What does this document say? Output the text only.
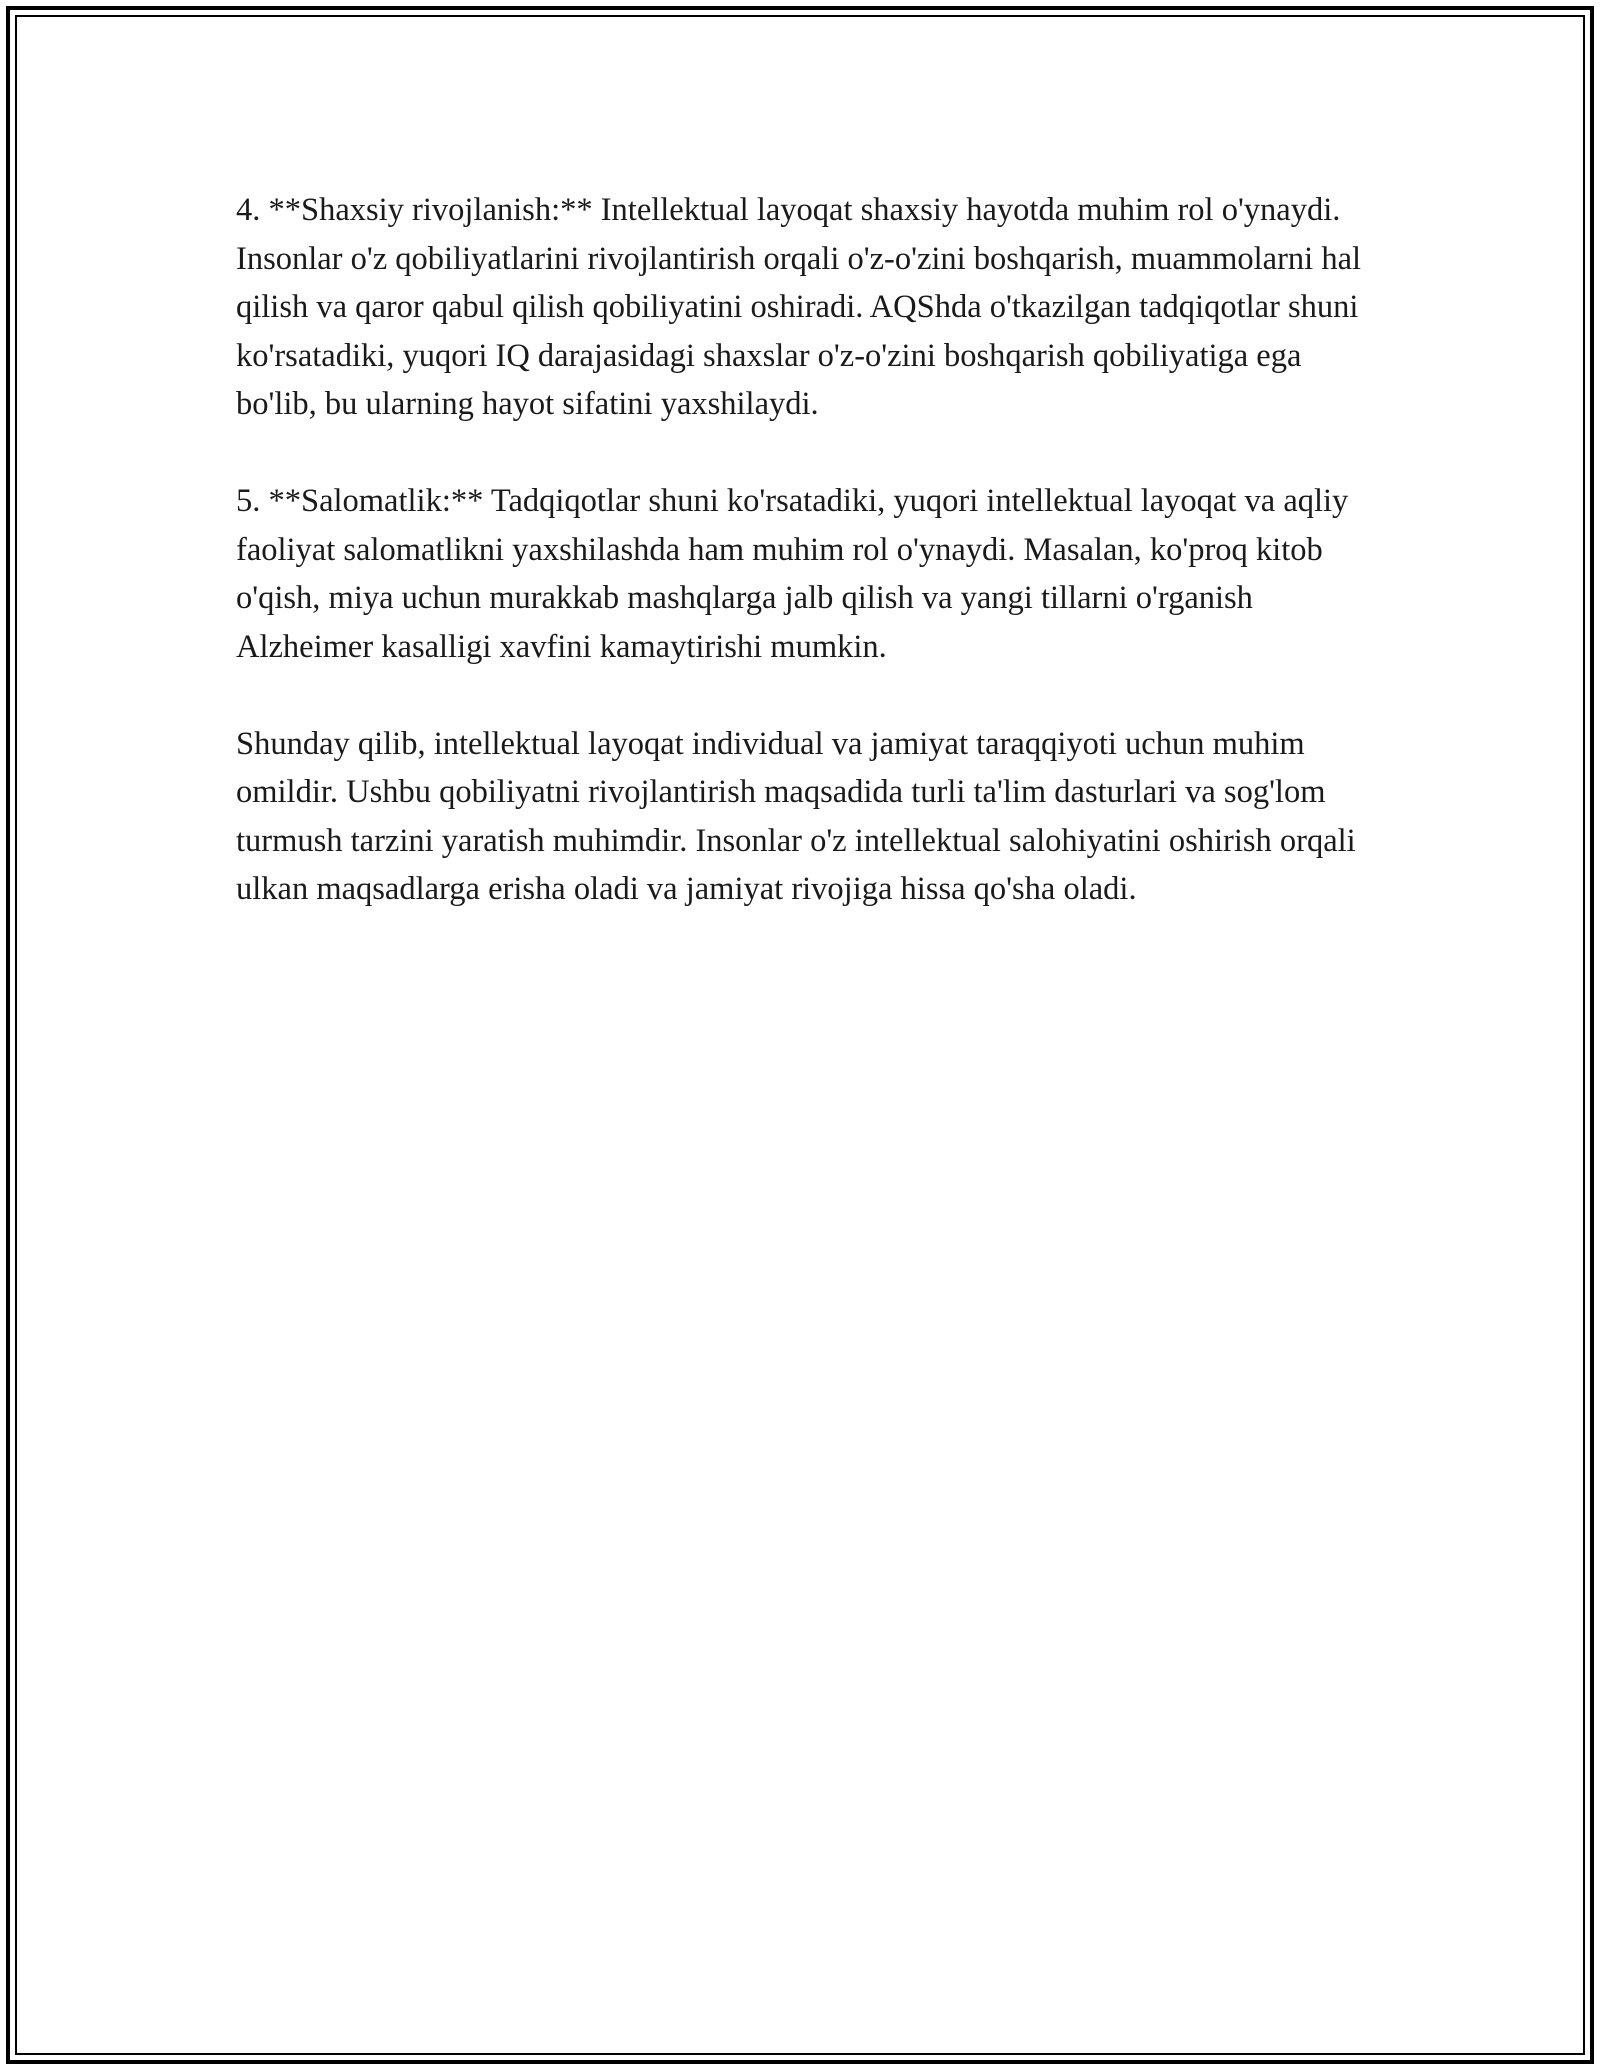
4. **Shaxsiy rivojlanish:** Intellektual layoqat shaxsiy hayotda muhim rol o'ynaydi. Insonlar o'z qobiliyatlarini rivojlantirish orqali o'z-o'zini boshqarish, muammolarni hal qilish va qaror qabul qilish qobiliyatini oshiradi. AQShda o'tkazilgan tadqiqotlar shuni ko'rsatadiki, yuqori IQ darajasidagi shaxslar o'z-o'zini boshqarish qobiliyatiga ega bo'lib, bu ularning hayot sifatini yaxshilaydi.

5. **Salomatlik:** Tadqiqotlar shuni ko'rsatadiki, yuqori intellektual layoqat va aqliy faoliyat salomatlikni yaxshilashda ham muhim rol o'ynaydi. Masalan, ko'proq kitob o'qish, miya uchun murakkab mashqlarga jalb qilish va yangi tillarni o'rganish Alzheimer kasalligi xavfini kamaytirishi mumkin.

Shunday qilib, intellektual layoqat individual va jamiyat taraqqiyoti uchun muhim omildir. Ushbu qobiliyatni rivojlantirish maqsadida turli ta'lim dasturlari va sog'lom turmush tarzini yaratish muhimdir. Insonlar o'z intellektual salohiyatini oshirish orqali ulkan maqsadlarga erisha oladi va jamiyat rivojiga hissa qo'sha oladi.
